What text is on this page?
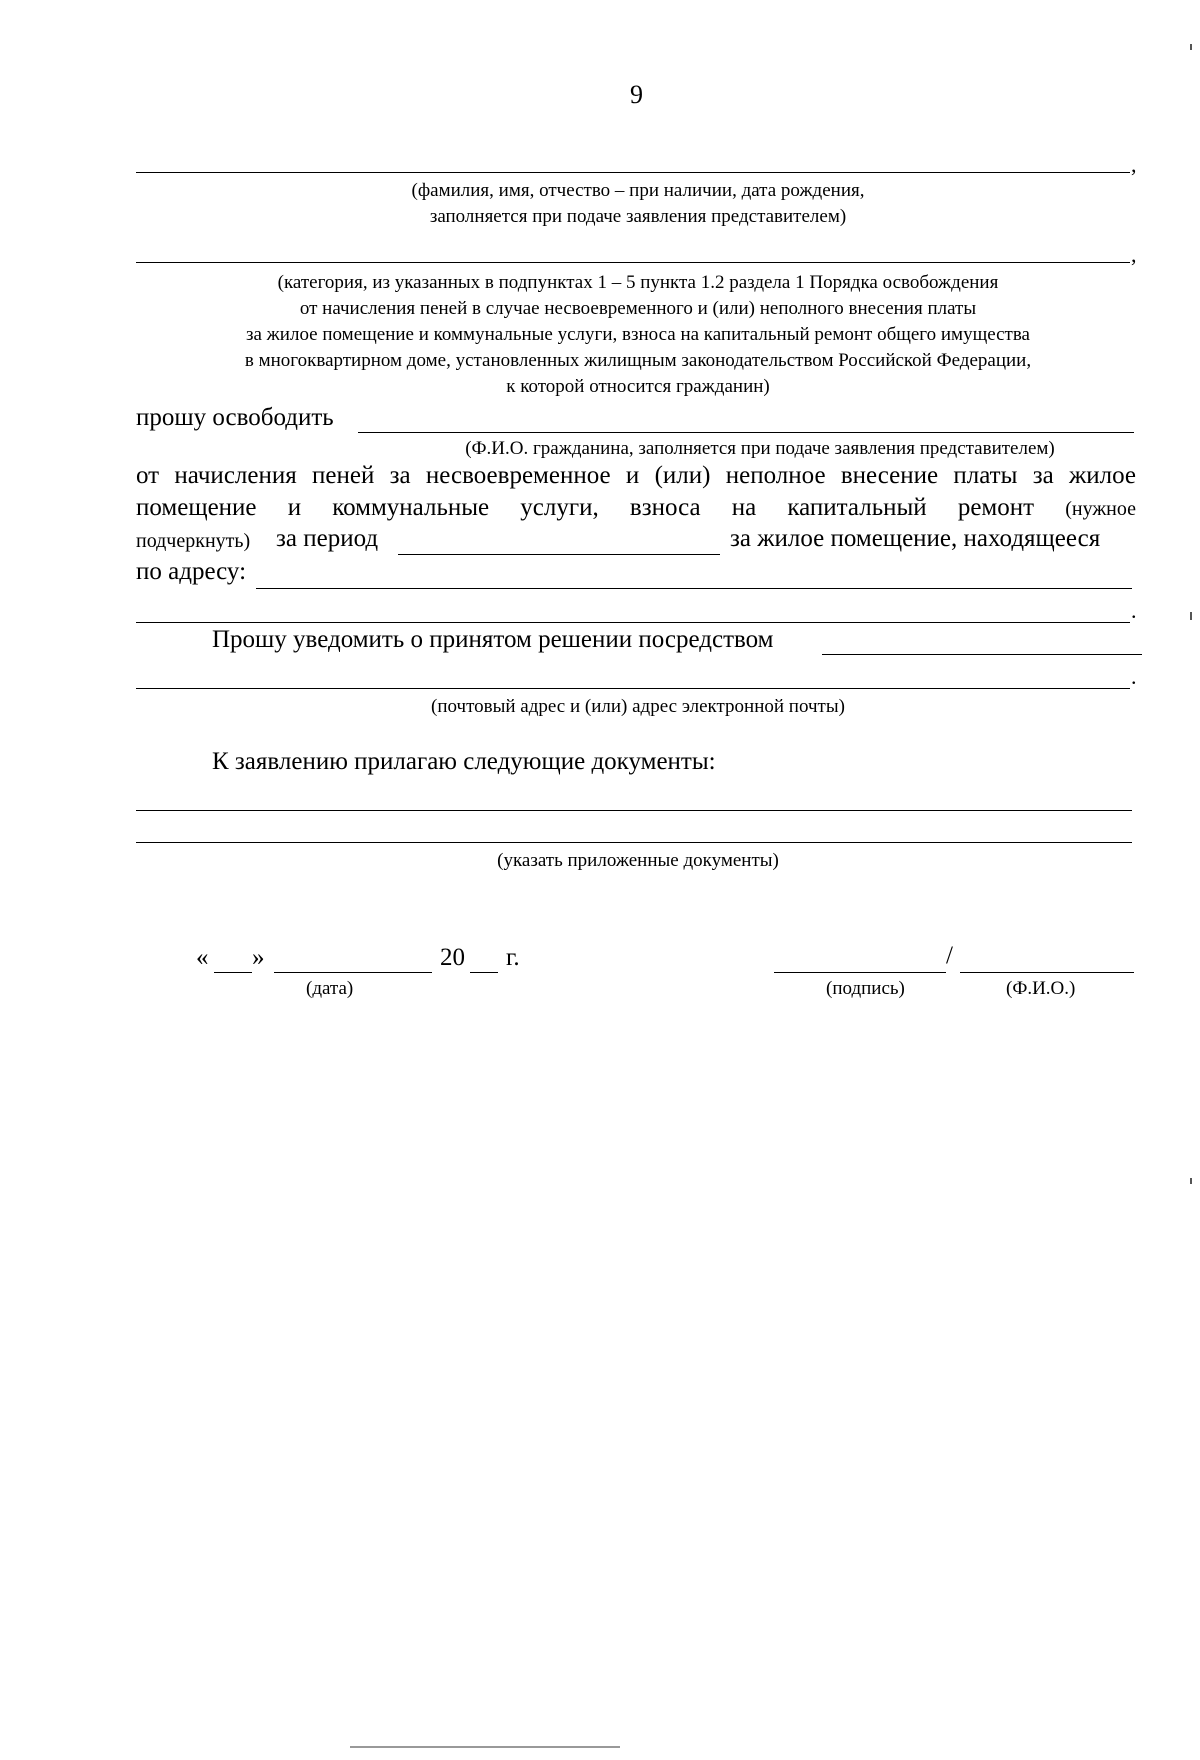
9
,
(фамилия, имя, отчество – при наличии, дата рождения,
заполняется при подаче заявления представителем)
,
(категория, из указанных в подпунктах 1 – 5 пункта 1.2 раздела 1 Порядка освобождения
от начисления пеней в случае несвоевременного и (или) неполного внесения платы
за жилое помещение и коммунальные услуги, взноса на капитальный ремонт общего имущества
в многоквартирном доме, установленных жилищным законодательством Российской Федерации,
к которой относится гражданин)
прошу освободить
(Ф.И.О. гражданина, заполняется при подаче заявления представителем)
от начисления пеней за несвоевременное и (или) неполное внесение платы за жилое
помещение и коммунальные услуги, взноса на капитальный ремонт (нужное
подчеркнуть) за период	за жилое помещение, находящееся
по адресу:
.
Прошу уведомить о принятом решении посредством
.
(почтовый адрес и (или) адрес электронной почты)
К заявлению прилагаю следующие документы:
(указать приложенные документы)
« »	20 г.
(дата)
/
(подпись)	(Ф.И.О.)
